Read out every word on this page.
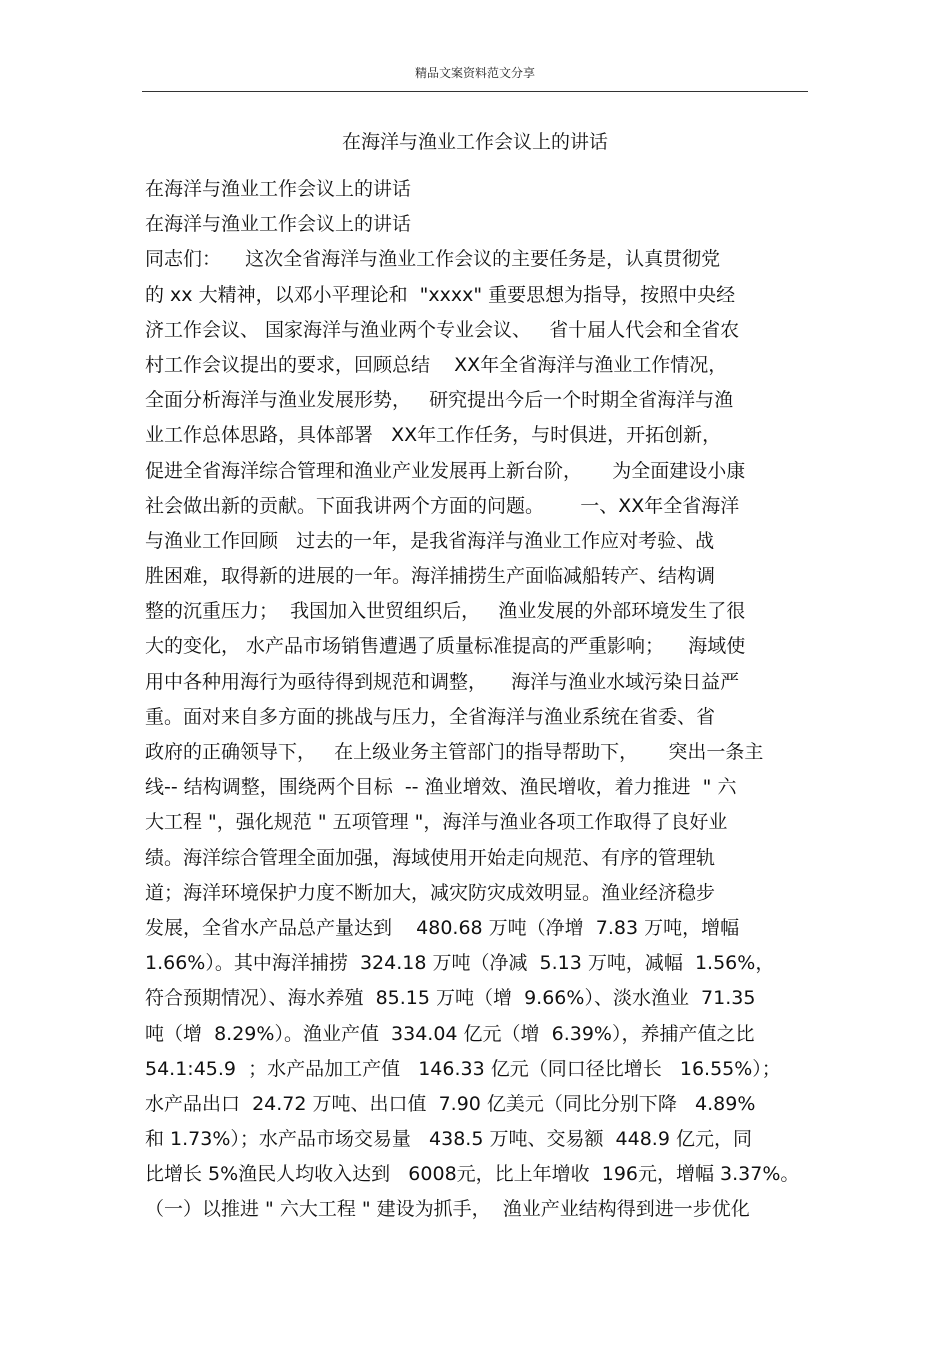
精品文案资料范文分享
在海洋与渔业工作会议上的讲话
在海洋与渔业工作会议上的讲话
在海洋与渔业工作会议上的讲话
同志们：    这次全省海洋与渔业工作会议的主要任务是，认真贯彻党
的 xx 大精神，以邓小平理论和  "xxxx" 重要思想为指导，按照中央经
济工作会议、 国家海洋与渔业两个专业会议、   省十届人代会和全省农
村工作会议提出的要求，回顾总结    XX年全省海洋与渔业工作情况，
全面分析海洋与渔业发展形势，   研究提出今后一个时期全省海洋与渔
业工作总体思路，具体部署   XX年工作任务，与时俱进，开拓创新，
促进全省海洋综合管理和渔业产业发展再上新台阶，     为全面建设小康
社会做出新的贡献。下面我讲两个方面的问题。      一、XX年全省海洋
与渔业工作回顾   过去的一年，是我省海洋与渔业工作应对考验、战
胜困难，取得新的进展的一年。海洋捕捞生产面临减船转产、结构调
整的沉重压力；  我国加入世贸组织后，   渔业发展的外部环境发生了很
大的变化， 水产品市场销售遭遇了质量标准提高的严重影响；    海域使
用中各种用海行为亟待得到规范和调整，    海洋与渔业水域污染日益严
重。面对来自多方面的挑战与压力，全省海洋与渔业系统在省委、省
政府的正确领导下，   在上级业务主管部门的指导帮助下，     突出一条主
线-- 结构调整，围绕两个目标  -- 渔业增效、渔民增收，着力推进  " 六
大工程 "，强化规范 " 五项管理 "，海洋与渔业各项工作取得了良好业
绩。海洋综合管理全面加强，海域使用开始走向规范、有序的管理轨
道；海洋环境保护力度不断加大，减灾防灾成效明显。渔业经济稳步
发展，全省水产品总产量达到    480.68 万吨（净增  7.83 万吨，增幅
1.66%）。其中海洋捕捞  324.18 万吨（净减  5.13 万吨，减幅  1.56%，
符合预期情况）、海水养殖  85.15 万吨（增  9.66%）、淡水渔业  71.35
吨（增  8.29%）。渔业产值  334.04 亿元（增  6.39%），养捕产值之比
54.1:45.9  ；水产品加工产值   146.33 亿元（同口径比增长   16.55%）；
水产品出口  24.72 万吨、出口值  7.90 亿美元（同比分别下降   4.89%
和 1.73%）；水产品市场交易量   438.5 万吨、交易额  448.9 亿元，同
比增长 5%渔民人均收入达到   6008元，比上年增收  196元，增幅 3.37%。
（一）以推进 " 六大工程 " 建设为抓手，  渔业产业结构得到进一步优化
